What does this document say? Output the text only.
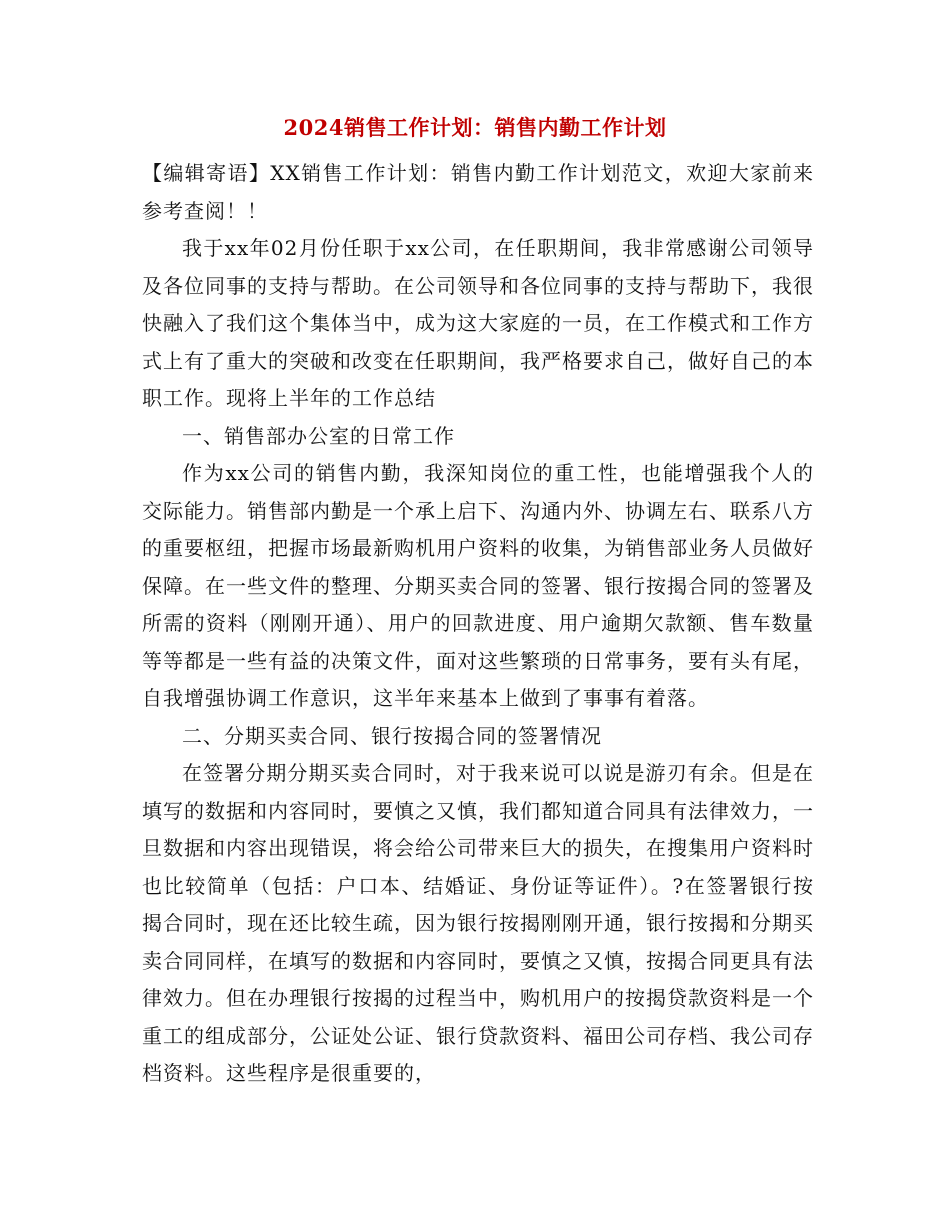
2024销售工作计划：销售内勤工作计划

【编辑寄语】XX销售工作计划：销售内勤工作计划范文，欢迎大家前来参考查阅！！

我于xx年02月份任职于xx公司，在任职期间，我非常感谢公司领导及各位同事的支持与帮助。在公司领导和各位同事的支持与帮助下，我很快融入了我们这个集体当中，成为这大家庭的一员，在工作模式和工作方式上有了重大的突破和改变在任职期间，我严格要求自己，做好自己的本职工作。现将上半年的工作总结

一、销售部办公室的日常工作

作为xx公司的销售内勤，我深知岗位的重工性，也能增强我个人的交际能力。销售部内勤是一个承上启下、沟通内外、协调左右、联系八方的重要枢纽，把握市场最新购机用户资料的收集，为销售部业务人员做好保障。在一些文件的整理、分期买卖合同的签署、银行按揭合同的签署及所需的资料（刚刚开通）、用户的回款进度、用户逾期欠款额、售车数量等等都是一些有益的决策文件，面对这些繁琐的日常事务，要有头有尾，自我增强协调工作意识，这半年来基本上做到了事事有着落。

二、分期买卖合同、银行按揭合同的签署情况

在签署分期分期买卖合同时，对于我来说可以说是游刃有余。但是在填写的数据和内容同时，要慎之又慎，我们都知道合同具有法律效力，一旦数据和内容出现错误，将会给公司带来巨大的损失，在搜集用户资料时也比较简单（包括：户口本、结婚证、身份证等证件）。?在签署银行按揭合同时，现在还比较生疏，因为银行按揭刚刚开通，银行按揭和分期买卖合同同样，在填写的数据和内容同时，要慎之又慎，按揭合同更具有法律效力。但在办理银行按揭的过程当中，购机用户的按揭贷款资料是一个重工的组成部分，公证处公证、银行贷款资料、福田公司存档、我公司存档资料。这些程序是很重要的，
